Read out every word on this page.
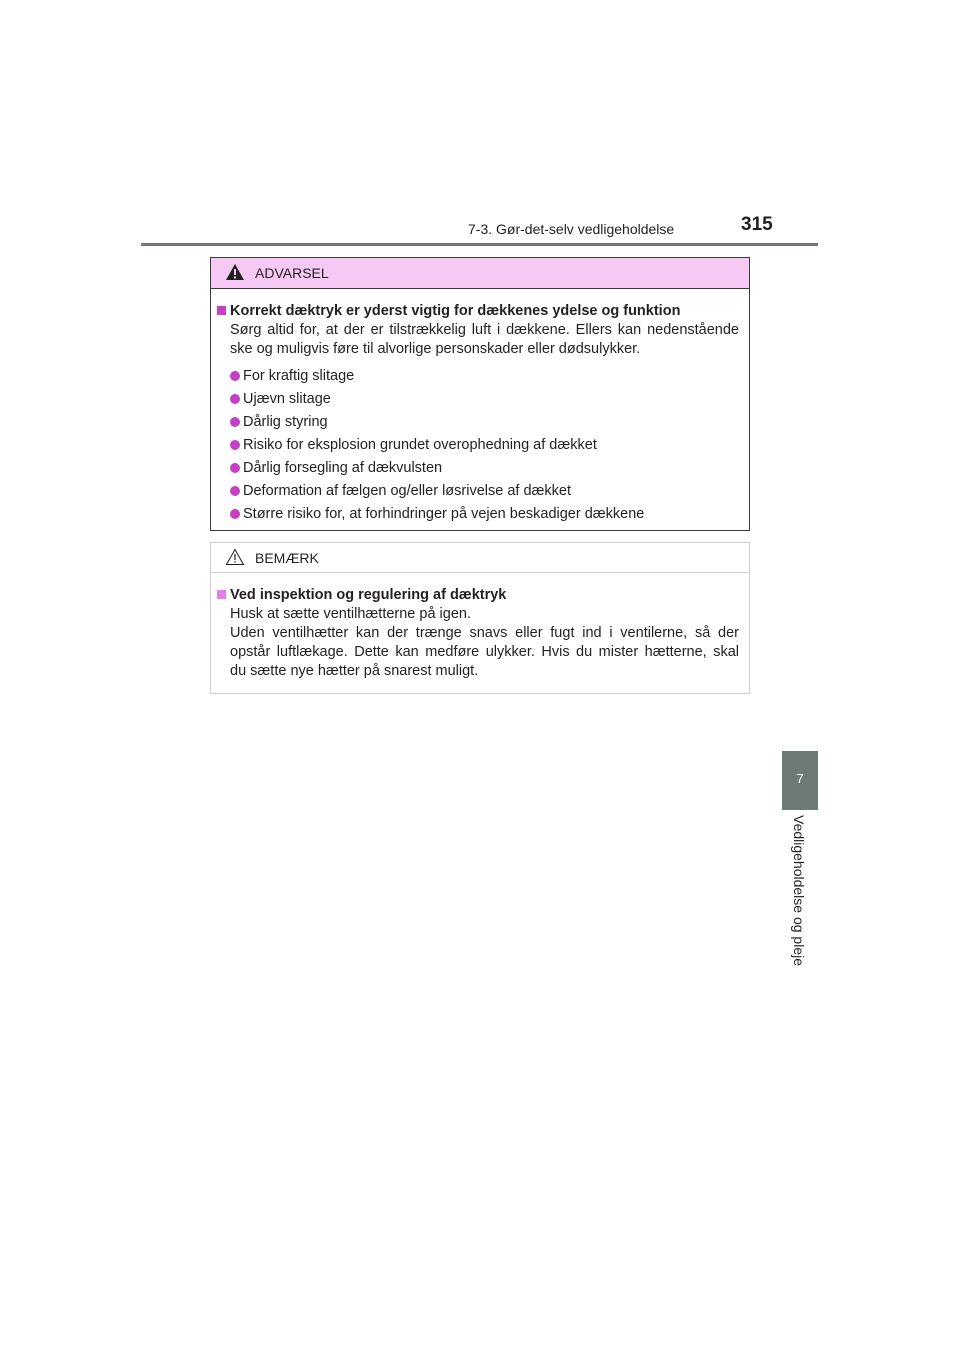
7-3. Gør-det-selv vedligeholdelse	315
ADVARSEL
Korrekt dæktryk er yderst vigtig for dækkenes ydelse og funktion
Sørg altid for, at der er tilstrækkelig luft i dækkene. Ellers kan nedenstående
ske og muligvis føre til alvorlige personskader eller dødsulykker.
For kraftig slitage
Ujævn slitage
Dårlig styring
Risiko for eksplosion grundet overophedning af dækket
Dårlig forsegling af dækvulsten
Deformation af fælgen og/eller løsrivelse af dækket
Større risiko for, at forhindringer på vejen beskadiger dækkene
BEMÆRK
Ved inspektion og regulering af dæktryk
Husk at sætte ventilhætterne på igen.
Uden ventilhætter kan der trænge snavs eller fugt ind i ventilerne, så der
opstår luftlækage. Dette kan medføre ulykker. Hvis du mister hætterne, skal
du sætte nye hætter på snarest muligt.
7
Vedligeholdelse og pleje
